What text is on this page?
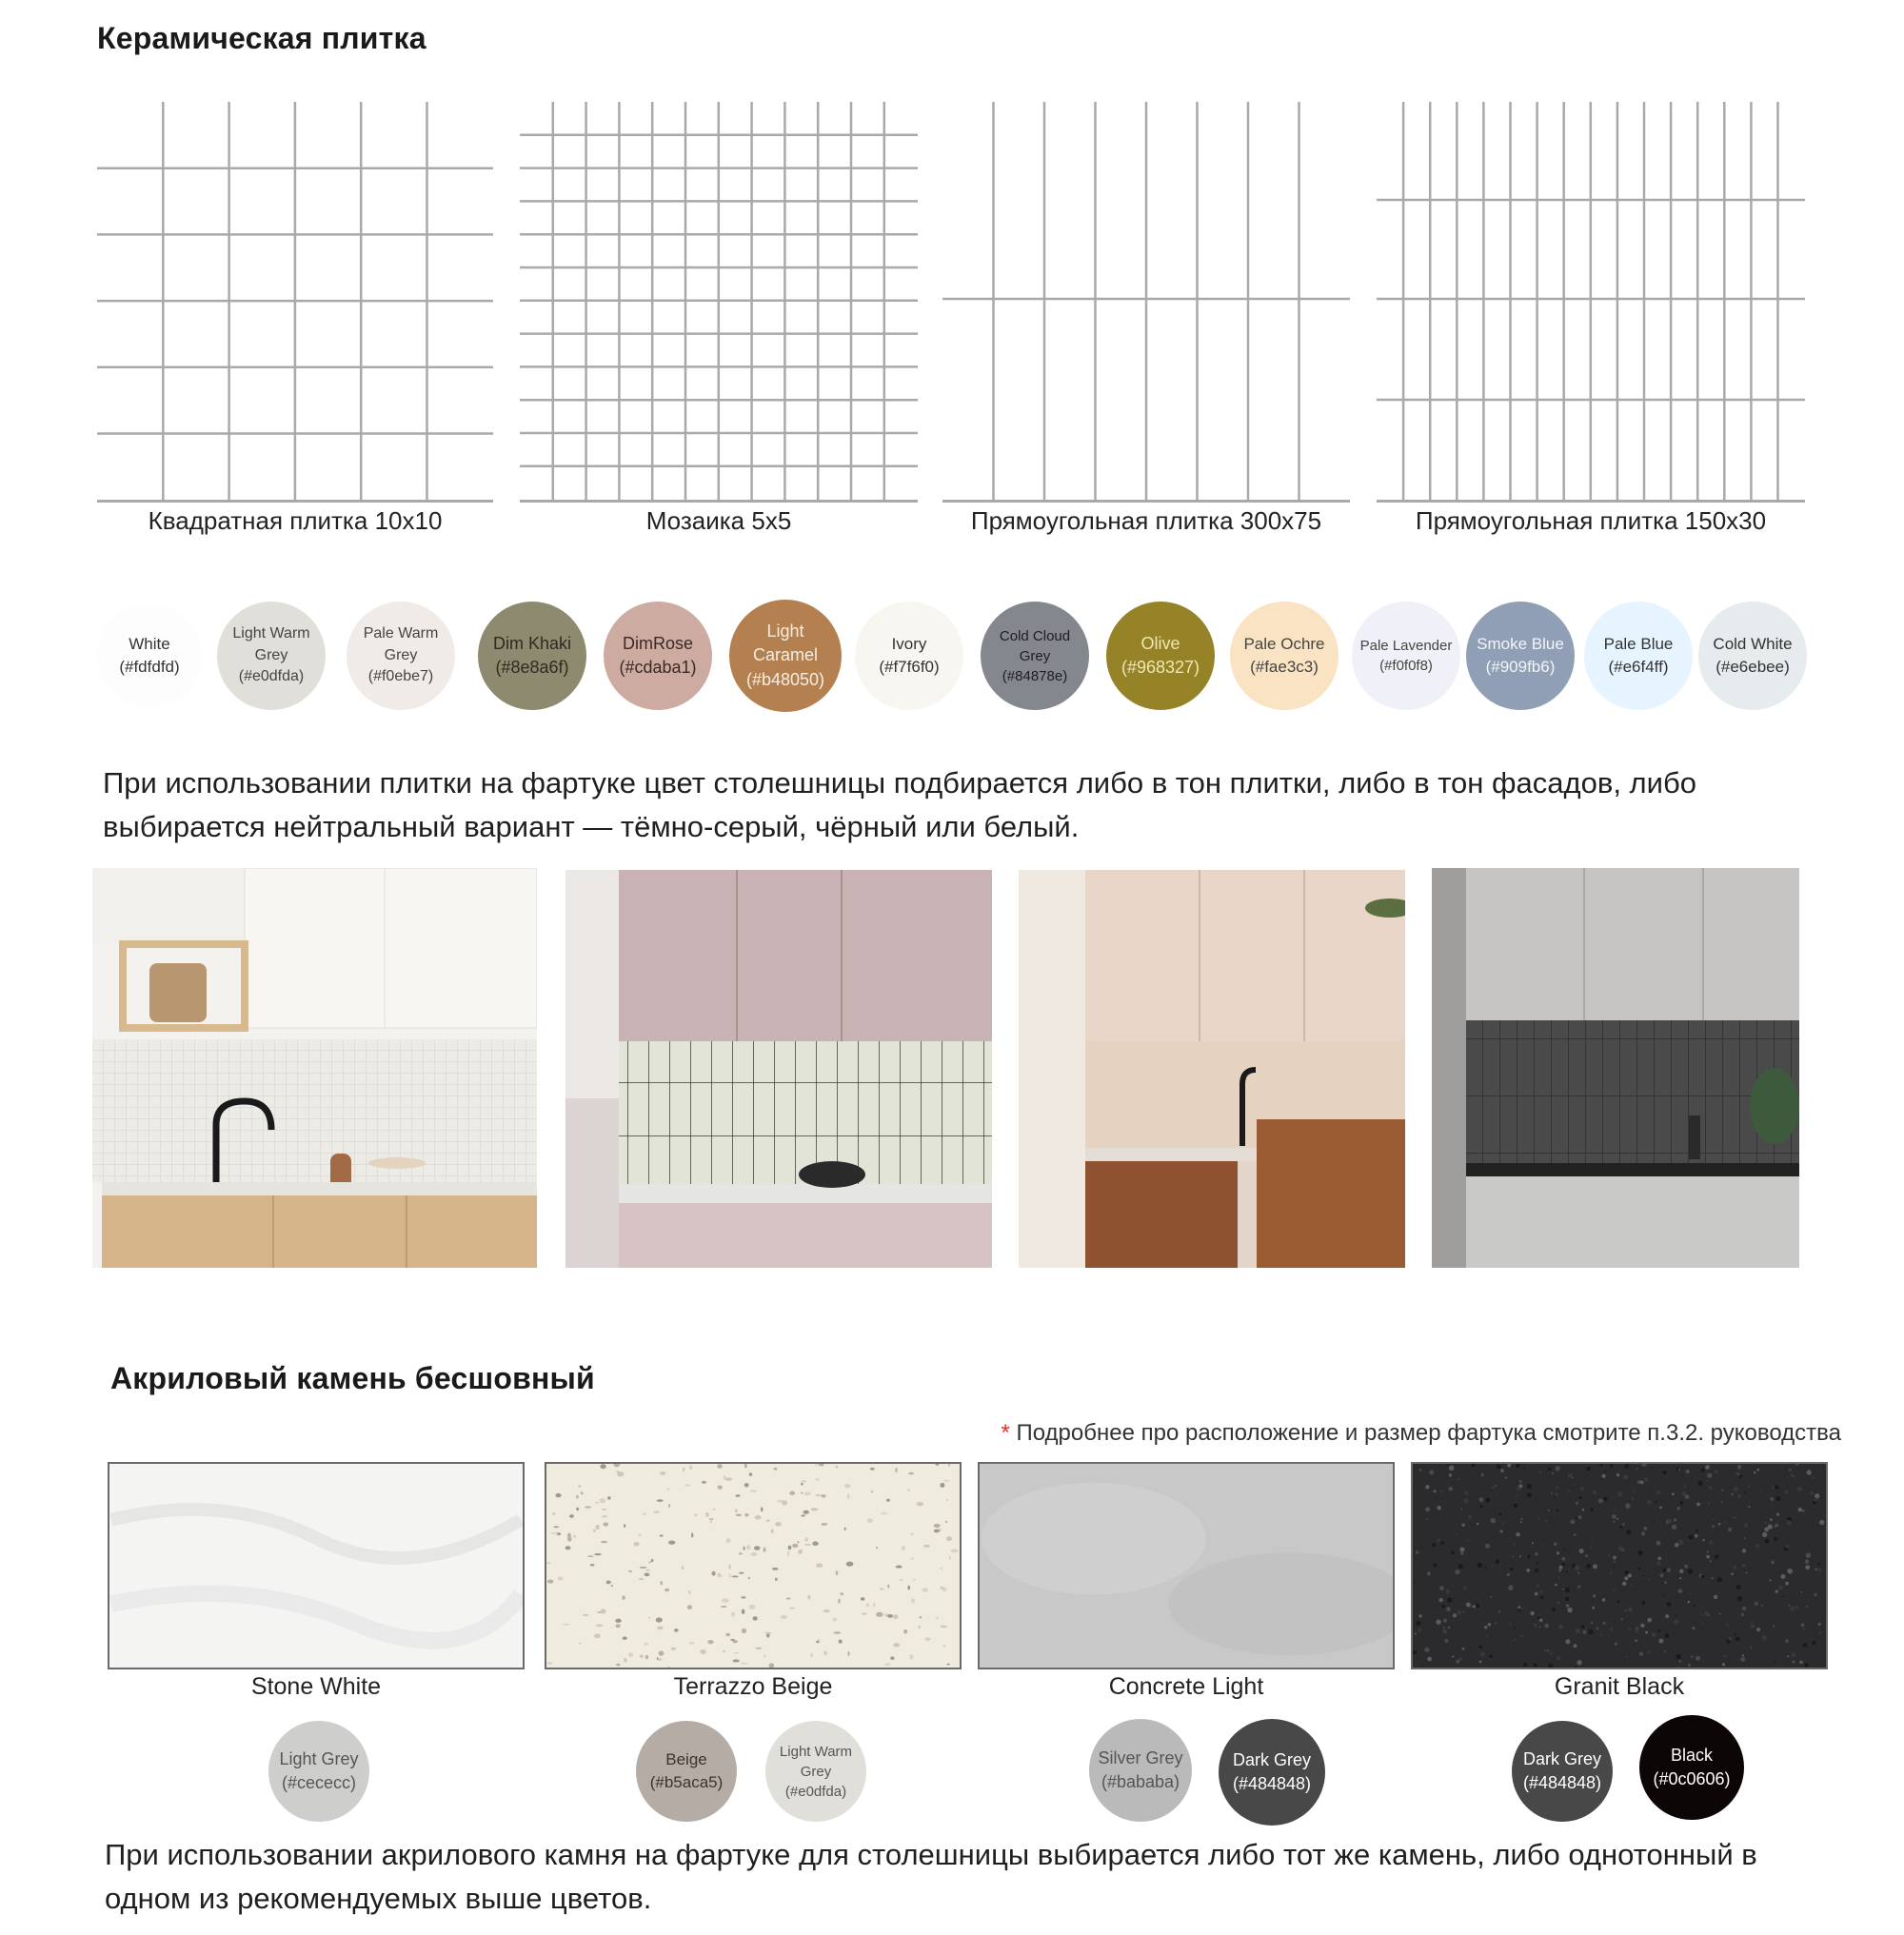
Керамическая плитка
Квадратная плитка 10x10	Мозаика 5x5	Прямоугольная плитка 300x75	Прямоугольная плитка 150x30
White
(#fdfdfd)
Light Warm Grey
(#e0dfda)
Pale Warm Grey
(#f0ebe7)
Dim Khaki
(#8e8a6f)
DimRose
(#cdaba1)
Light Caramel
(#b48050)
Ivory
(#f7f6f0)
Cold Cloud Grey
(#84878e)
Olive
(#968327)
Pale Ochre
(#fae3c3)
Pale Lavender
(#f0f0f8)
Smoke Blue
(#909fb6)
Pale Blue
(#e6f4ff)
Cold White
(#e6ebee)
При использовании плитки на фартуке цвет столешницы подбирается либо в тон плитки, либо в тон фасадов, либо выбирается нейтральный вариант — тёмно-серый, чёрный или белый.
Акриловый камень бесшовный
* Подробнее про расположение и размер фартука смотрите п.3.2. руководства
Stone White	Terrazzo Beige	Concrete Light	Granit Black
Light Grey
(#cececc)
Beige
(#b5aca5)
Light Warm Grey
(#e0dfda)
Silver Grey
(#bababa)
Dark Grey
(#484848)
Dark Grey
(#484848)
Black
(#0c0606)
При использовании акрилового камня на фартуке для столешницы выбирается либо тот же камень, либо однотонный в одном из рекомендуемых выше цветов.
